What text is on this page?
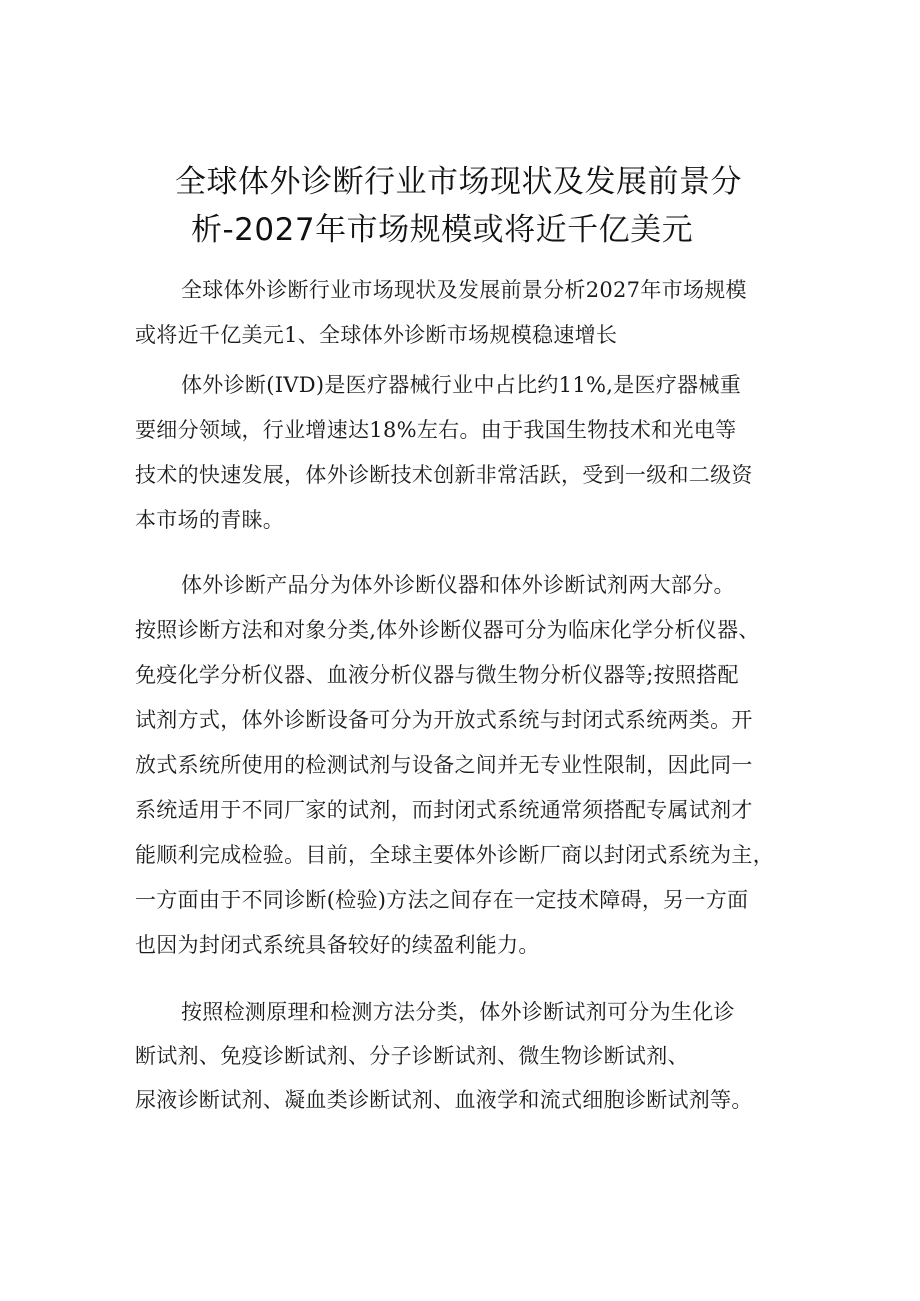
全球体外诊断行业市场现状及发展前景分
析-2027年市场规模或将近千亿美元
全球体外诊断行业市场现状及发展前景分析2027年市场规模
或将近千亿美元1、全球体外诊断市场规模稳速增长
体外诊断(IVD)是医疗器械行业中占比约11%,是医疗器械重
要细分领域，行业增速达18%左右。由于我国生物技术和光电等
技术的快速发展，体外诊断技术创新非常活跃，受到一级和二级资
本市场的青睐。
体外诊断产品分为体外诊断仪器和体外诊断试剂两大部分。
按照诊断方法和对象分类,体外诊断仪器可分为临床化学分析仪器、
免疫化学分析仪器、血液分析仪器与微生物分析仪器等;按照搭配
试剂方式，体外诊断设备可分为开放式系统与封闭式系统两类。开
放式系统所使用的检测试剂与设备之间并无专业性限制，因此同一
系统适用于不同厂家的试剂，而封闭式系统通常须搭配专属试剂才
能顺利完成检验。目前，全球主要体外诊断厂商以封闭式系统为主，
一方面由于不同诊断(检验)方法之间存在一定技术障碍，另一方面
也因为封闭式系统具备较好的续盈利能力。
按照检测原理和检测方法分类，体外诊断试剂可分为生化诊
断试剂、免疫诊断试剂、分子诊断试剂、微生物诊断试剂、
尿液诊断试剂、凝血类诊断试剂、血液学和流式细胞诊断试剂等。
